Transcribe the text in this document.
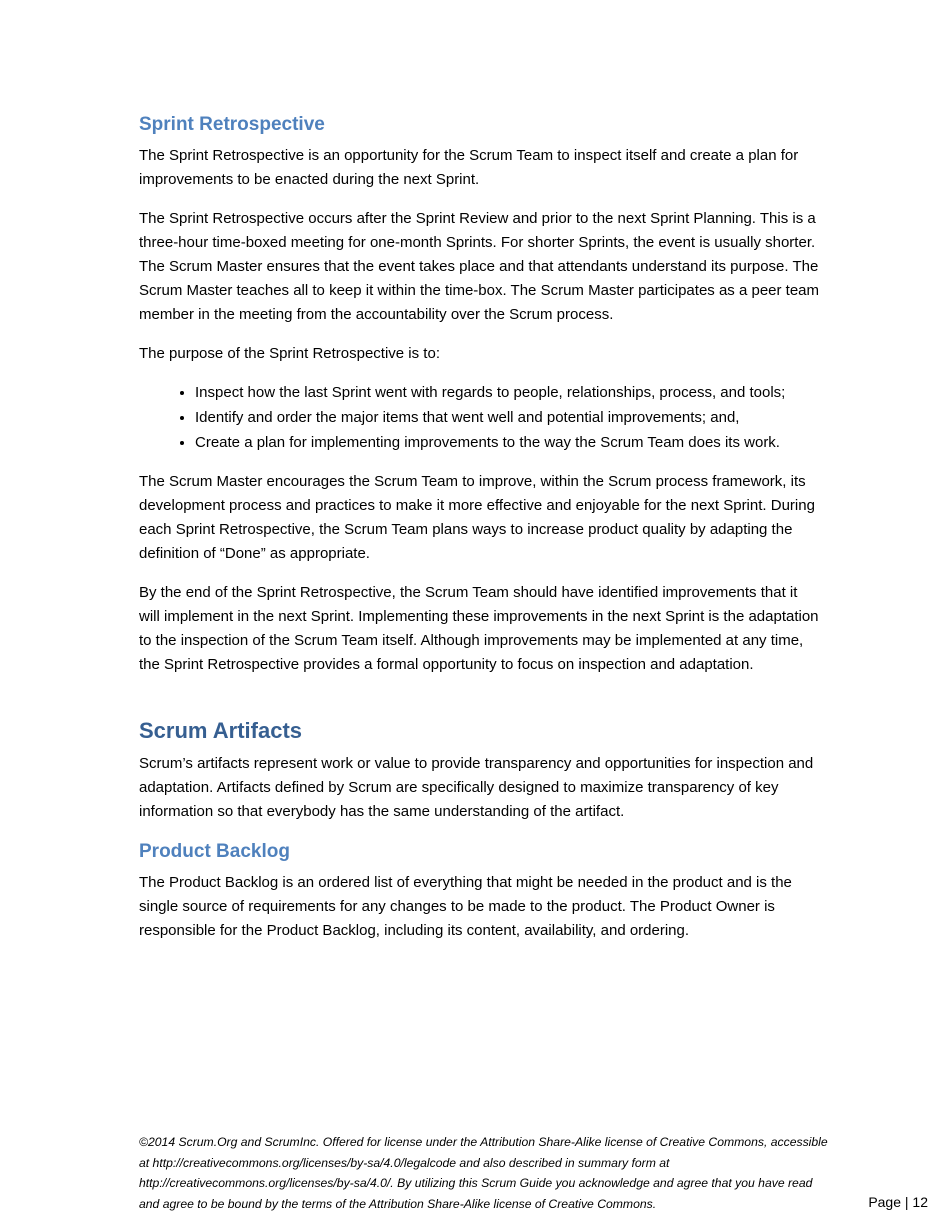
Sprint Retrospective

The Sprint Retrospective is an opportunity for the Scrum Team to inspect itself and create a plan for improvements to be enacted during the next Sprint.

The Sprint Retrospective occurs after the Sprint Review and prior to the next Sprint Planning. This is a three-hour time-boxed meeting for one-month Sprints. For shorter Sprints, the event is usually shorter. The Scrum Master ensures that the event takes place and that attendants understand its purpose. The Scrum Master teaches all to keep it within the time-box. The Scrum Master participates as a peer team member in the meeting from the accountability over the Scrum process.

The purpose of the Sprint Retrospective is to:

• Inspect how the last Sprint went with regards to people, relationships, process, and tools;
• Identify and order the major items that went well and potential improvements; and,
• Create a plan for implementing improvements to the way the Scrum Team does its work.

The Scrum Master encourages the Scrum Team to improve, within the Scrum process framework, its development process and practices to make it more effective and enjoyable for the next Sprint. During each Sprint Retrospective, the Scrum Team plans ways to increase product quality by adapting the definition of “Done” as appropriate.

By the end of the Sprint Retrospective, the Scrum Team should have identified improvements that it will implement in the next Sprint. Implementing these improvements in the next Sprint is the adaptation to the inspection of the Scrum Team itself. Although improvements may be implemented at any time, the Sprint Retrospective provides a formal opportunity to focus on inspection and adaptation.

Scrum Artifacts

Scrum’s artifacts represent work or value to provide transparency and opportunities for inspection and adaptation. Artifacts defined by Scrum are specifically designed to maximize transparency of key information so that everybody has the same understanding of the artifact.

Product Backlog

The Product Backlog is an ordered list of everything that might be needed in the product and is the single source of requirements for any changes to be made to the product. The Product Owner is responsible for the Product Backlog, including its content, availability, and ordering.

©2014 Scrum.Org and ScrumInc. Offered for license under the Attribution Share-Alike license of Creative Commons, accessible at http://creativecommons.org/licenses/by-sa/4.0/legalcode and also described in summary form at http://creativecommons.org/licenses/by-sa/4.0/. By utilizing this Scrum Guide you acknowledge and agree that you have read and agree to be bound by the terms of the Attribution Share-Alike license of Creative Commons.	Page | 12
